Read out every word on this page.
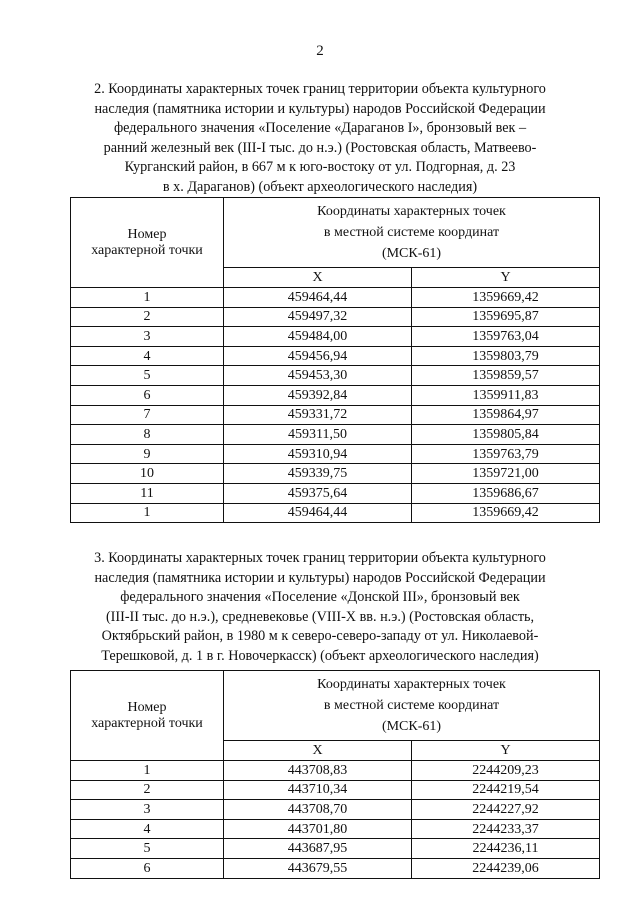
2
2. Координаты характерных точек границ территории объекта культурного
наследия (памятника истории и культуры) народов Российской Федерации
федерального значения «Поселение «Дараганов I», бронзовый век –
ранний железный век (III-I тыс. до н.э.) (Ростовская область, Матвеево-
Курганский район, в 667 м к юго-востоку от ул. Подгорная, д. 23
в х. Дараганов) (объект археологического наследия)
Номер
характерной точки	Координаты характерных точек
в местной системе координат
(МСК-61)	

	X	Y
1	459464,44	1359669,42
2	459497,32	1359695,87
3	459484,00	1359763,04
4	459456,94	1359803,79
5	459453,30	1359859,57
6	459392,84	1359911,83
7	459331,72	1359864,97
8	459311,50	1359805,84
9	459310,94	1359763,79
10	459339,75	1359721,00
11	459375,64	1359686,67
1	459464,44	1359669,42
3. Координаты характерных точек границ территории объекта культурного
наследия (памятника истории и культуры) народов Российской Федерации
федерального значения «Поселение «Донской III», бронзовый век
(III-II тыс. до н.э.), средневековье (VIII-X вв. н.э.) (Ростовская область,
Октябрьский район, в 1980 м к северо-северо-западу от ул. Николаевой-
Терешковой, д. 1 в г. Новочеркасск) (объект археологического наследия)
Номер
характерной точки	Координаты характерных точек
в местной системе координат
(МСК-61)	

	X	Y
1	443708,83	2244209,23
2	443710,34	2244219,54
3	443708,70	2244227,92
4	443701,80	2244233,37
5	443687,95	2244236,11
6	443679,55	2244239,06
